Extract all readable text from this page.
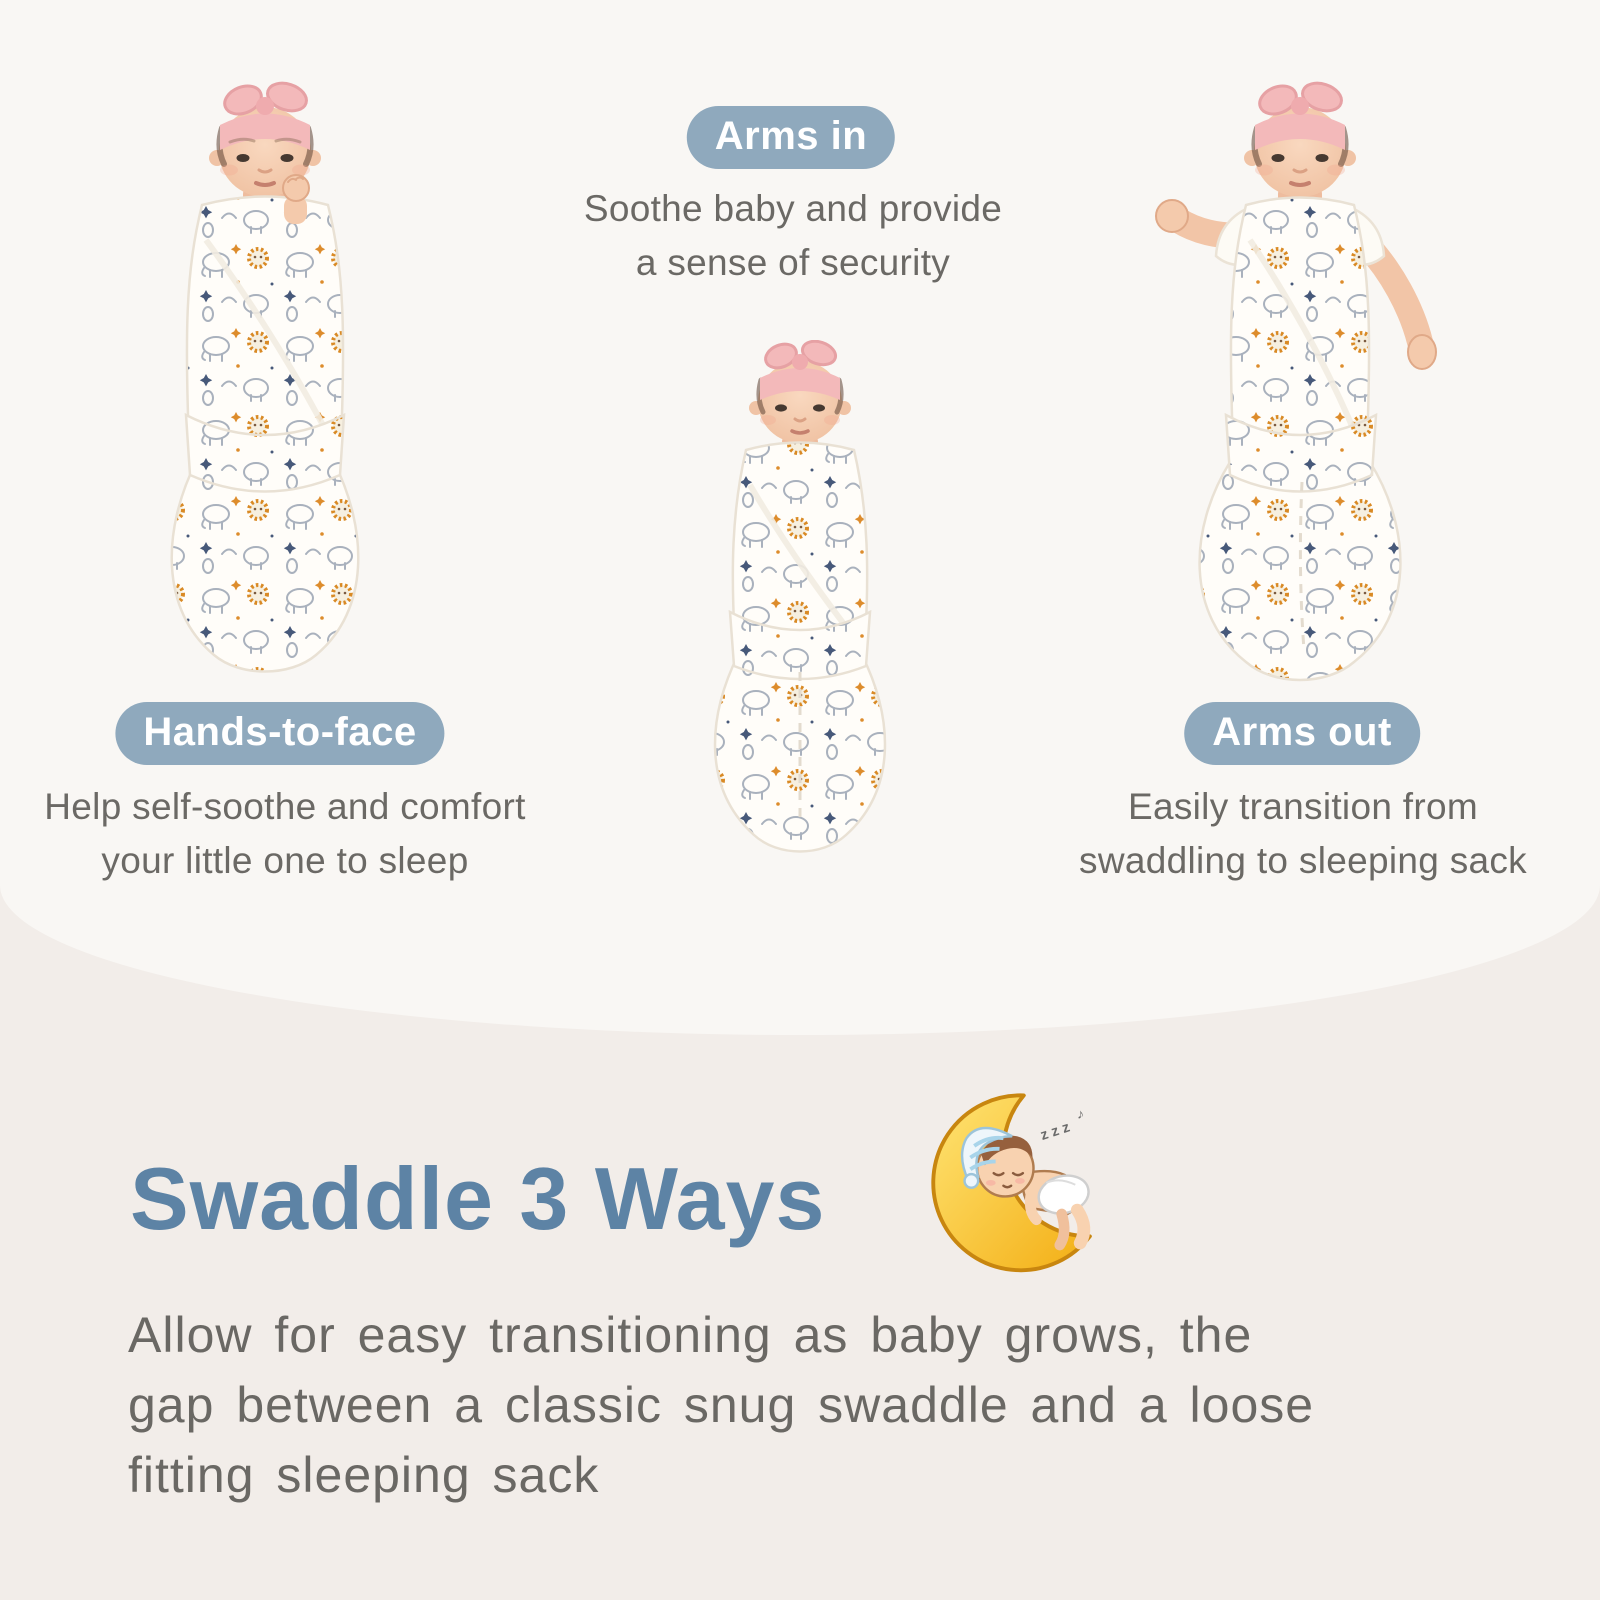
Arms in
Soothe baby and provide
a sense of security
Hands-to-face
Help self-soothe and comfort
your little one to sleep
Arms out
Easily transition from
swaddling to sleeping sack
Swaddle 3 Ways
z z z
♪
Allow for easy transitioning as baby grows, the
gap between a classic snug swaddle and a loose
fitting sleeping sack
